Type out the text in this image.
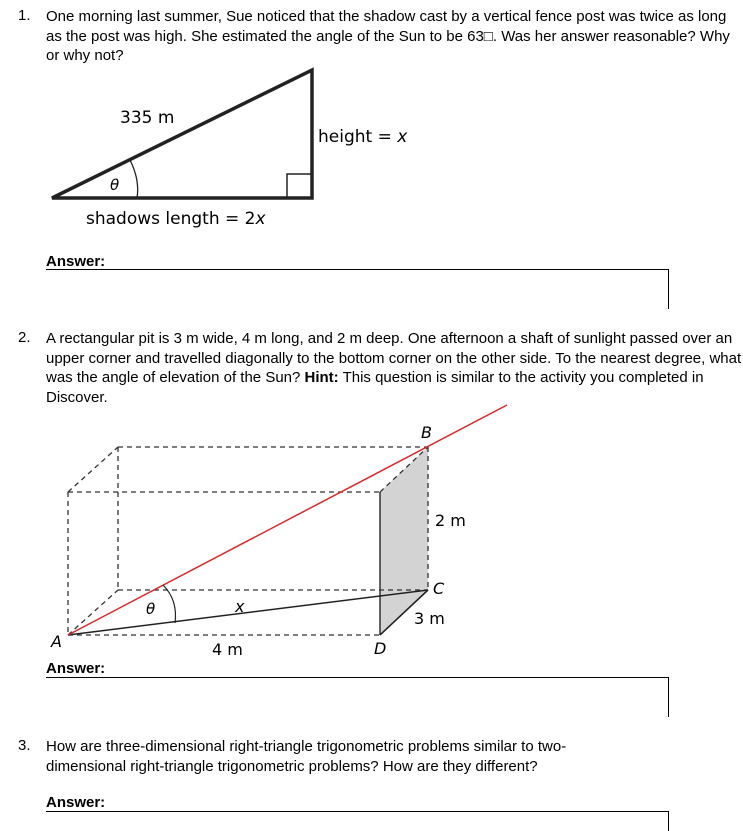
1. One morning last summer, Sue noticed that the shadow cast by a vertical fence post was twice as long as the post was high. She estimated the angle of the Sun to be 63□. Was her answer reasonable? Why or why not?
θ
335 m
height = x
shadows length = 2x
Answer:
2. A rectangular pit is 3 m wide, 4 m long, and 2 m deep. One afternoon a shaft of sunlight passed over an upper corner and travelled diagonally to the bottom corner on the other side. To the nearest degree, what was the angle of elevation of the Sun? Hint: This question is similar to the activity you completed in Discover.
θ	x
A
B
C
D
2 m
3 m
4 m
Answer:
3. How are three-dimensional right-triangle trigonometric problems similar to two-dimensional right-triangle trigonometric problems? How are they different?
Answer:
